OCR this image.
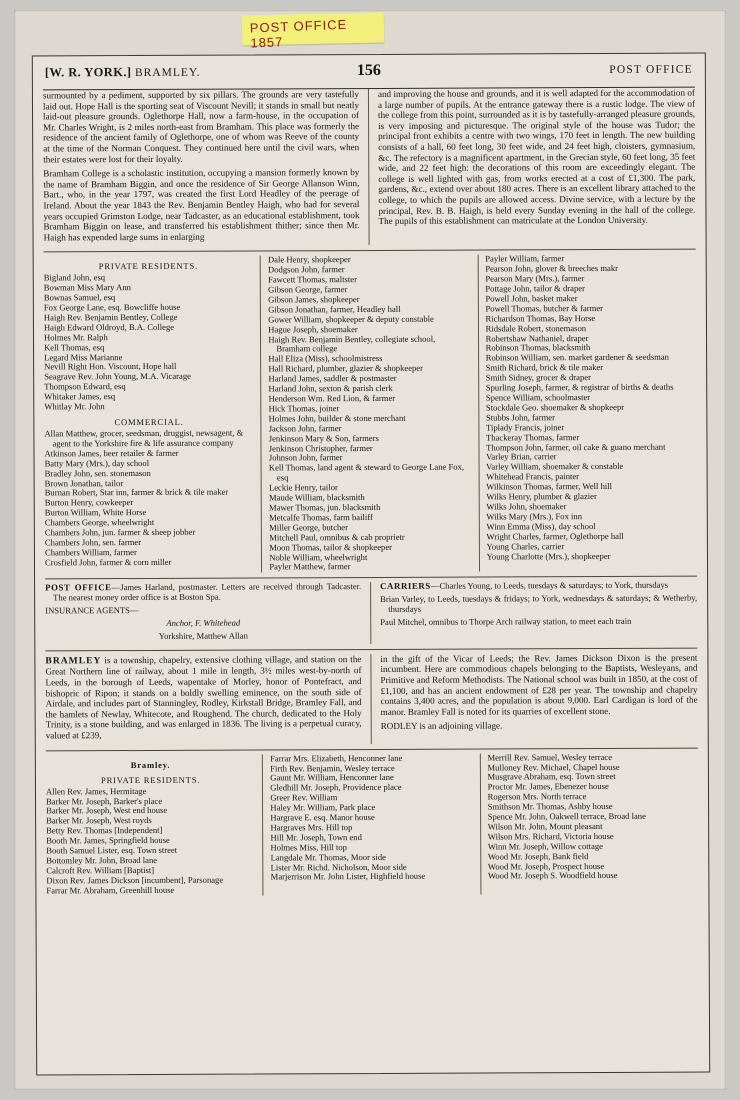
POST OFFICE 1857
[W. R. YORK.] BRAMLEY.	156	POST OFFICE

surmounted by a pediment, supported by six pillars. The grounds are very tastefully laid out. Hope Hall is the sporting seat of Viscount Nevill; it stands in small but neatly laid-out pleasure grounds. Oglethorpe Hall, now a farm-house, in the occupation of Mr. Charles Wright, is 2 miles north-east from Bramham. This place was formerly the residence of the ancient family of Oglethorpe, one of whom was Reeve of the county at the time of the Norman Conquest. They continued here until the civil wars, when their estates were lost for their loyalty.

Bramham College is a scholastic institution, occupying a mansion formerly known by the name of Bramham Biggin, and once the residence of Sir George Allanson Winn, Bart., who, in the year 1797, was created the first Lord Headley of the peerage of Ireland. About the year 1843 the Rev. Benjamin Bentley Haigh, who had for several years occupied Grimston Lodge, near Tadcaster, as an educational establishment, took Bramham Biggin on lease, and transferred his establishment thither; since then Mr. Haigh has expended large sums in enlarging

and improving the house and grounds, and it is well adapted for the accommodation of a large number of pupils. At the entrance gateway there is a rustic lodge. The view of the college from this point, surrounded as it is by tastefully-arranged pleasure grounds, is very imposing and picturesque. The original style of the house was Tudor; the principal front exhibits a centre with two wings, 170 feet in length. The new building consists of a hall, 60 feet long, 30 feet wide, and 24 feet high, cloisters, gymnasium, &c. The refectory is a magnificent apartment, in the Grecian style, 60 feet long, 35 feet wide, and 22 feet high: the decorations of this room are exceedingly elegant. The college is well lighted with gas, from works erected at a cost of £1,300. The park, gardens, &c., extend over about 180 acres. There is an excellent library attached to the college, to which the pupils are allowed access. Divine service, with a lecture by the principal, Rev. B. B. Haigh, is held every Sunday evening in the hall of the college. The pupils of this establishment can matriculate at the London University.

PRIVATE RESIDENTS.

Bigland John, esq

Bowman Miss Mary Ann

Bownas Samuel, esq

Fox George Lane, esq. Bowcliffe house

Haigh Rev. Benjamin Bentley, College

Haigh Edward Oldroyd, B.A. College

Holmes Mr. Ralph

Kell Thomas, esq

Legard Miss Marianne

Nevill Right Hon. Viscount, Hope hall

Seagrave Rev. John Young, M.A. Vicarage

Thompson Edward, esq

Whitaker James, esq

Whitlay Mr. John

COMMERCIAL.

Allan Matthew, grocer, seedsman, druggist, newsagent, & agent to the Yorkshire fire & life assurance company

Atkinson James, beer retailer & farmer

Batty Mary (Mrs.), day school

Bradley John, sen. stonemason

Brown Jonathan, tailor

Burnan Robert, Star inn, farmer & brick & tile maker

Burton Henry, cowkeeper

Burton William, White Horse

Chambers George, wheelwright

Chambers John, jun. farmer & sheep jobber

Chambers John, sen. farmer

Chambers William, farmer

Crosfield John, farmer & corn miller

Dale Henry, shopkeeper

Dodgson John, farmer

Fawcett Thomas, maltster

Gibson George, farmer

Gibson James, shopkeeper

Gibson Jonathan, farmer, Headley hall

Gower William, shopkeeper & deputy constable

Hague Joseph, shoemaker

Haigh Rev. Benjamin Bentley, collegiate school, Bramham college

Hall Eliza (Miss), schoolmistress

Hall Richard, plumber, glazier & shopkeeper

Harland James, saddler & postmaster

Harland John, sexton & parish clerk

Henderson Wm. Red Lion, & farmer

Hick Thomas, joiner

Holmes John, builder & stone merchant

Jackson John, farmer

Jenkinson Mary & Son, farmers

Jenkinson Christopher, farmer

Johnson John, farmer

Kell Thomas, land agent & steward to George Lane Fox, esq

Leckie Henry, tailor

Maude William, blacksmith

Mawer Thomas, jun. blacksmith

Metcalfe Thomas, farm bailiff

Miller George, butcher

Mitchell Paul, omnibus & cab proprietr

Moon Thomas, tailor & shopkeeper

Noble William, wheelwright

Payler Matthew, farmer

Payler William, farmer

Pearson John, glover & breeches makr

Pearson Mary (Mrs.), farmer

Pottage John, tailor & draper

Powell John, basket maker

Powell Thomas, butcher & farmer

Richardson Thomas, Bay Horse

Ridsdale Robert, stonemason

Robertshaw Nathaniel, draper

Robinson Thomas, blacksmith

Robinson William, sen. market gardener & seedsman

Smith Richard, brick & tile maker

Smith Sidney, grocer & draper

Spurling Joseph, farmer, & registrar of births & deaths

Spence William, schoolmaster

Stockdale Geo. shoemaker & shopkeepr

Stubbs John, farmer

Tiplady Francis, joiner

Thackeray Thomas, farmer

Thompson John, farmer, oil cake & guano merchant

Varley Brian, carrier

Varley William, shoemaker & constable

Whitehead Francis, painter

Wilkinson Thomas, farmer, Well hill

Wilks Henry, plumber & glazier

Wilks John, shoemaker

Wilks Mary (Mrs.), Fox inn

Winn Emma (Miss), day school

Wright Charles, farmer, Oglethorpe hall

Young Charles, carrier

Young Charlotte (Mrs.), shopkeeper

POST OFFICE—James Harland, postmaster. Letters are received through Tadcaster. The nearest money order office is at Boston Spa.

INSURANCE AGENTS—

Anchor, F. Whitehead

Yorkshire, Matthew Allan

CARRIERS—Charles Young, to Leeds, tuesdays & saturdays; to York, thursdays

Brian Varley, to Leeds, tuesdays & fridays; to York, wednesdays & saturdays; & Wetherby, thursdays

Paul Mitchel, omnibus to Thorpe Arch railway station, to meet each train

BRAMLEY is a township, chapelry, extensive clothing village, and station on the Great Northern line of railway, about 1 mile in length, 3½ miles west-by-north of Leeds, in the borough of Leeds, wapentake of Morley, honor of Pontefract, and bishopric of Ripon; it stands on a boldly swelling eminence, on the south side of Airdale, and includes part of Stanningley, Rodley, Kirkstall Bridge, Bramley Fall, and the hamlets of Newlay, Whitecote, and Roughend. The church, dedicated to the Holy Trinity, is a stone building, and was enlarged in 1836. The living is a perpetual curacy, valued at £239,

in the gift of the Vicar of Leeds; the Rev. James Dickson Dixon is the present incumbent. Here are commodious chapels belonging to the Baptists, Wesleyans, and Primitive and Reform Methodists. The National school was built in 1850, at the cost of £1,100, and has an ancient endowment of £28 per year. The township and chapelry contains 3,400 acres, and the population is about 9,000. Earl Cardigan is lord of the manor. Bramley Fall is noted for its quarries of excellent stone.

RODLEY is an adjoining village.

Bramley.
PRIVATE RESIDENTS.

Allen Rev. James, Hermitage

Barker Mr. Joseph, Barker's place

Barker Mr. Joseph, West end house

Barker Mr. Joseph, West royds

Betty Rev. Thomas [Independent]

Booth Mr. James, Springfield house

Booth Samuel Lister, esq. Town street

Bottomley Mr. John, Broad lane

Calcroft Rev. William [Baptist]

Dixon Rev. James Dickson [incumbent], Parsonage

Farrar Mr. Abraham, Greenhill house

Farrar Mrs. Elizabeth, Henconner lane

Firth Rev. Benjamin, Wesley terrace

Gaunt Mr. William, Henconner lane

Gledhill Mr. Joseph, Providence place

Greer Rev. William

Haley Mr. William, Park place

Hargrave E. esq. Manor house

Hargraves Mrs. Hill top

Hill Mr. Joseph, Town end

Holmes Miss, Hill top

Langdale Mr. Thomas, Moor side

Lister Mr. Richd. Nicholson, Moor side

Marjerrison Mr. John Lister, Highfield house

Merrill Rev. Samuel, Wesley terrace

Mulloney Rev. Michael, Chapel house

Musgrave Abraham, esq. Town street

Proctor Mr. James, Ebenezer house

Rogerson Mrs. North terrace

Smithson Mr. Thomas, Ashby house

Spence Mr. John, Oakwell terrace, Broad lane

Wilson Mr. John, Mount pleasant

Wilson Mrs. Richard, Victoria house

Winn Mr. Joseph, Willow cottage

Wood Mr. Joseph, Bank field

Wood Mr. Joseph, Prospect house

Wood Mr. Joseph S. Woodfield house
